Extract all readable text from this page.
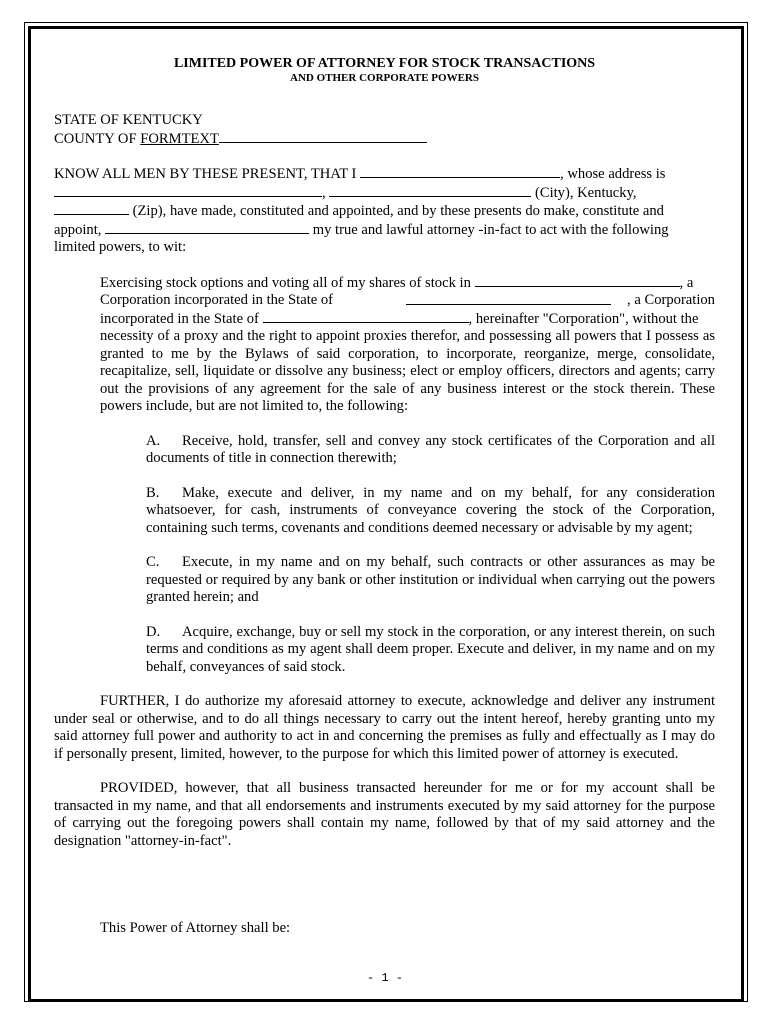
LIMITED POWER OF ATTORNEY FOR STOCK TRANSACTIONS
AND OTHER CORPORATE POWERS
STATE OF KENTUCKY
COUNTY OF FORMTEXT
KNOW ALL MEN BY THESE PRESENT, THAT I	, whose address is
,	(City), Kentucky,
(Zip), have made, constituted and appointed, and by these presents do make, constitute and
appoint,	my true and lawful attorney -in-fact to act with the following
limited powers, to wit:
Exercising stock options and voting all of my shares of stock in	, a
Corporation incorporated in the State of	, a Corporation
incorporated in the State of	, hereinafter "Corporation", without the
necessity of a proxy and the right to appoint proxies therefor, and possessing all powers that I possess as granted to me by the Bylaws of said corporation, to incorporate, reorganize, merge, consolidate, recapitalize, sell, liquidate or dissolve any business; elect or employ officers, directors and agents; carry out the provisions of any agreement for the sale of any business interest or the stock therein. These powers include, but are not limited to, the following:
A. Receive, hold, transfer, sell and convey any stock certificates of the Corporation and all documents of title in connection therewith;
B. Make, execute and deliver, in my name and on my behalf, for any consideration whatsoever, for cash, instruments of conveyance covering the stock of the Corporation, containing such terms, covenants and conditions deemed necessary or advisable by my agent;
C. Execute, in my name and on my behalf, such contracts or other assurances as may be requested or required by any bank or other institution or individual when carrying out the powers granted herein; and
D. Acquire, exchange, buy or sell my stock in the corporation, or any interest therein, on such terms and conditions as my agent shall deem proper. Execute and deliver, in my name and on my behalf, conveyances of said stock.
FURTHER, I do authorize my aforesaid attorney to execute, acknowledge and deliver any instrument under seal or otherwise, and to do all things necessary to carry out the intent hereof, hereby granting unto my said attorney full power and authority to act in and concerning the premises as fully and effectually as I may do if personally present, limited, however, to the purpose for which this limited power of attorney is executed.
PROVIDED, however, that all business transacted hereunder for me or for my account shall be transacted in my name, and that all endorsements and instruments executed by my said attorney for the purpose of carrying out the foregoing powers shall contain my name, followed by that of my said attorney and the designation "attorney-in-fact".
This Power of Attorney shall be:
- 1 -
